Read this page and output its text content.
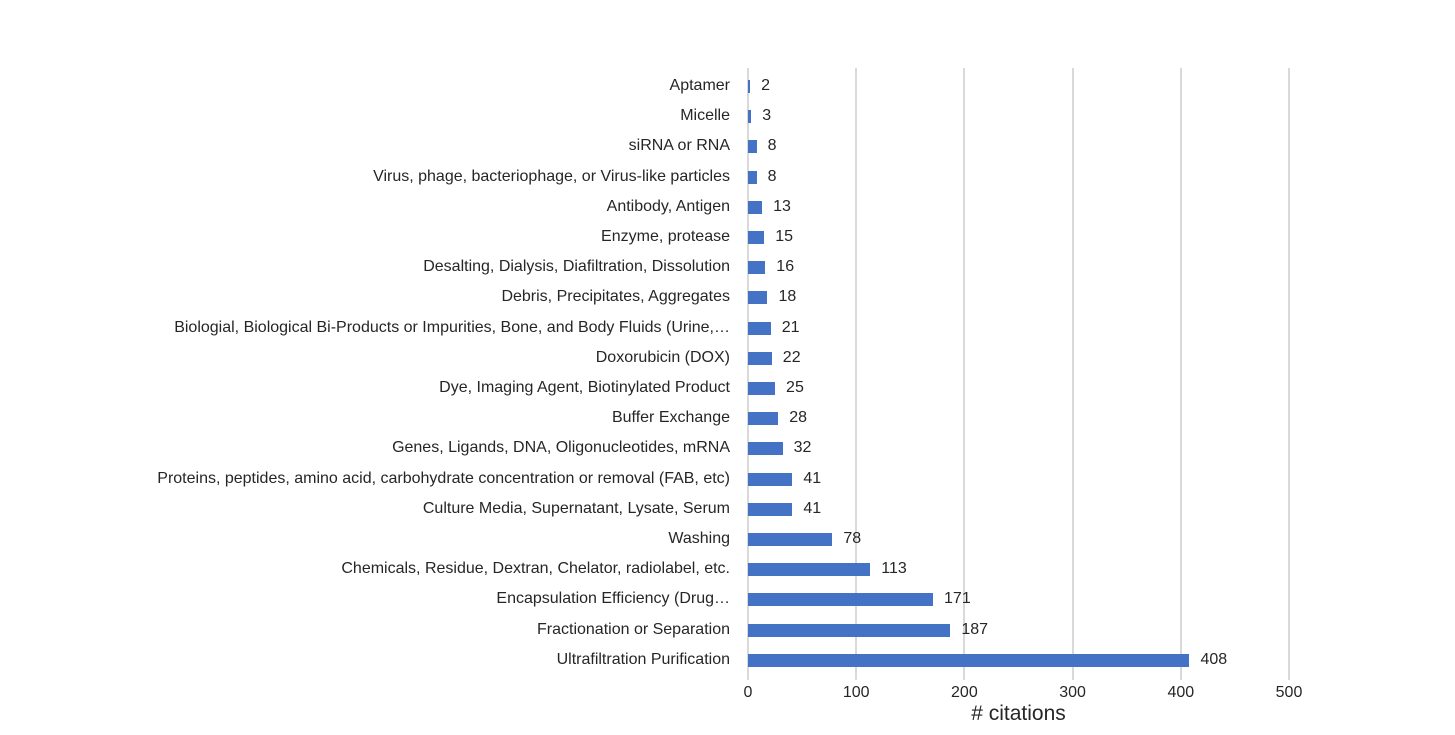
# citations
0	100	200	300	400	500
Aptamer 2
Micelle 3
siRNA or RNA 8
Virus, phage, bacteriophage, or Virus-like particles 8
Antibody, Antigen	13
Enzyme, protease	15
Desalting, Dialysis, Diafiltration, Dissolution	16
Debris, Precipitates, Aggregates	18
Biologial, Biological Bi-Products or Impurities, Bone, and Body Fluids (Urine,…	21
Doxorubicin (DOX)	22
Dye, Imaging Agent, Biotinylated Product	25
Buffer Exchange	28
Genes, Ligands, DNA, Oligonucleotides, mRNA	32
Proteins, peptides, amino acid, carbohydrate concentration or removal (FAB, etc)	41
Culture Media, Supernatant, Lysate, Serum	41
Washing	78
Chemicals, Residue, Dextran, Chelator, radiolabel, etc.	113
Encapsulation Efficiency (Drug…	171
Fractionation or Separation	187
Ultrafiltration Purification	408
